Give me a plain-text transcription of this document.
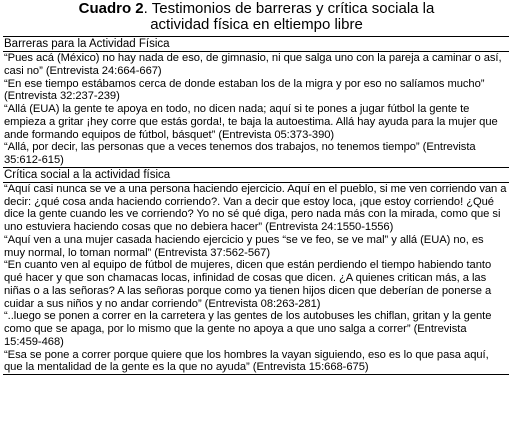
Cuadro 2. Testimonios de barreras y crítica sociala la
actividad física en eltiempo libre
Barreras para la Actividad Física
“Pues acá (México) no hay nada de eso, de gimnasio, ni que salga uno con la pareja a caminar o así, casi no” (Entrevista 24:664-667)
“En ese tiempo estábamos cerca de donde estaban los de la migra y por eso no salíamos mucho” (Entrevista 32:237-239)
“Allá (EUA) la gente te apoya en todo, no dicen nada; aquí si te pones a jugar fútbol la gente te empieza a gritar ¡hey corre que estás gorda!, te baja la autoestima. Allá hay ayuda para la mujer que ande formando equipos de fútbol, básquet” (Entrevista 05:373-390)
“Allá, por decir, las personas que a veces tenemos dos trabajos, no tenemos tiempo” (Entrevista 35:612-615)
Crítica social a la actividad física
“Aquí casi nunca se ve a una persona haciendo ejercicio. Aquí en el pueblo, si me ven corriendo van a decir: ¿qué cosa anda haciendo corriendo?. Van a decir que estoy loca, ¡que estoy corriendo! ¿Qué dice la gente cuando les ve corriendo? Yo no sé qué diga, pero nada más con la mirada, como que si uno estuviera haciendo cosas que no debiera hacer” (Entrevista 24:1550-1556)
“Aquí ven a una mujer casada haciendo ejercicio y pues “se ve feo, se ve mal” y allá (EUA) no, es muy normal, lo toman normal” (Entrevista 37:562-567)
“En cuanto ven al equipo de fútbol de mujeres, dicen que están perdiendo el tiempo habiendo tanto qué hacer y que son chamacas locas, infinidad de cosas que dicen. ¿A quienes critican más, a las niñas o a las señoras? A las señoras porque como ya tienen hijos dicen que deberían de ponerse a cuidar a sus niños y no andar corriendo” (Entrevista 08:263-281)
“..luego se ponen a correr en la carretera y las gentes de los autobuses les chiflan, gritan y la gente como que se apaga, por lo mismo que la gente no apoya a que uno salga a correr” (Entrevista 15:459-468)
“Esa se pone a correr porque quiere que los hombres la vayan siguiendo, eso es lo que pasa aquí, que la mentalidad de la gente es la que no ayuda” (Entrevista 15:668-675)
